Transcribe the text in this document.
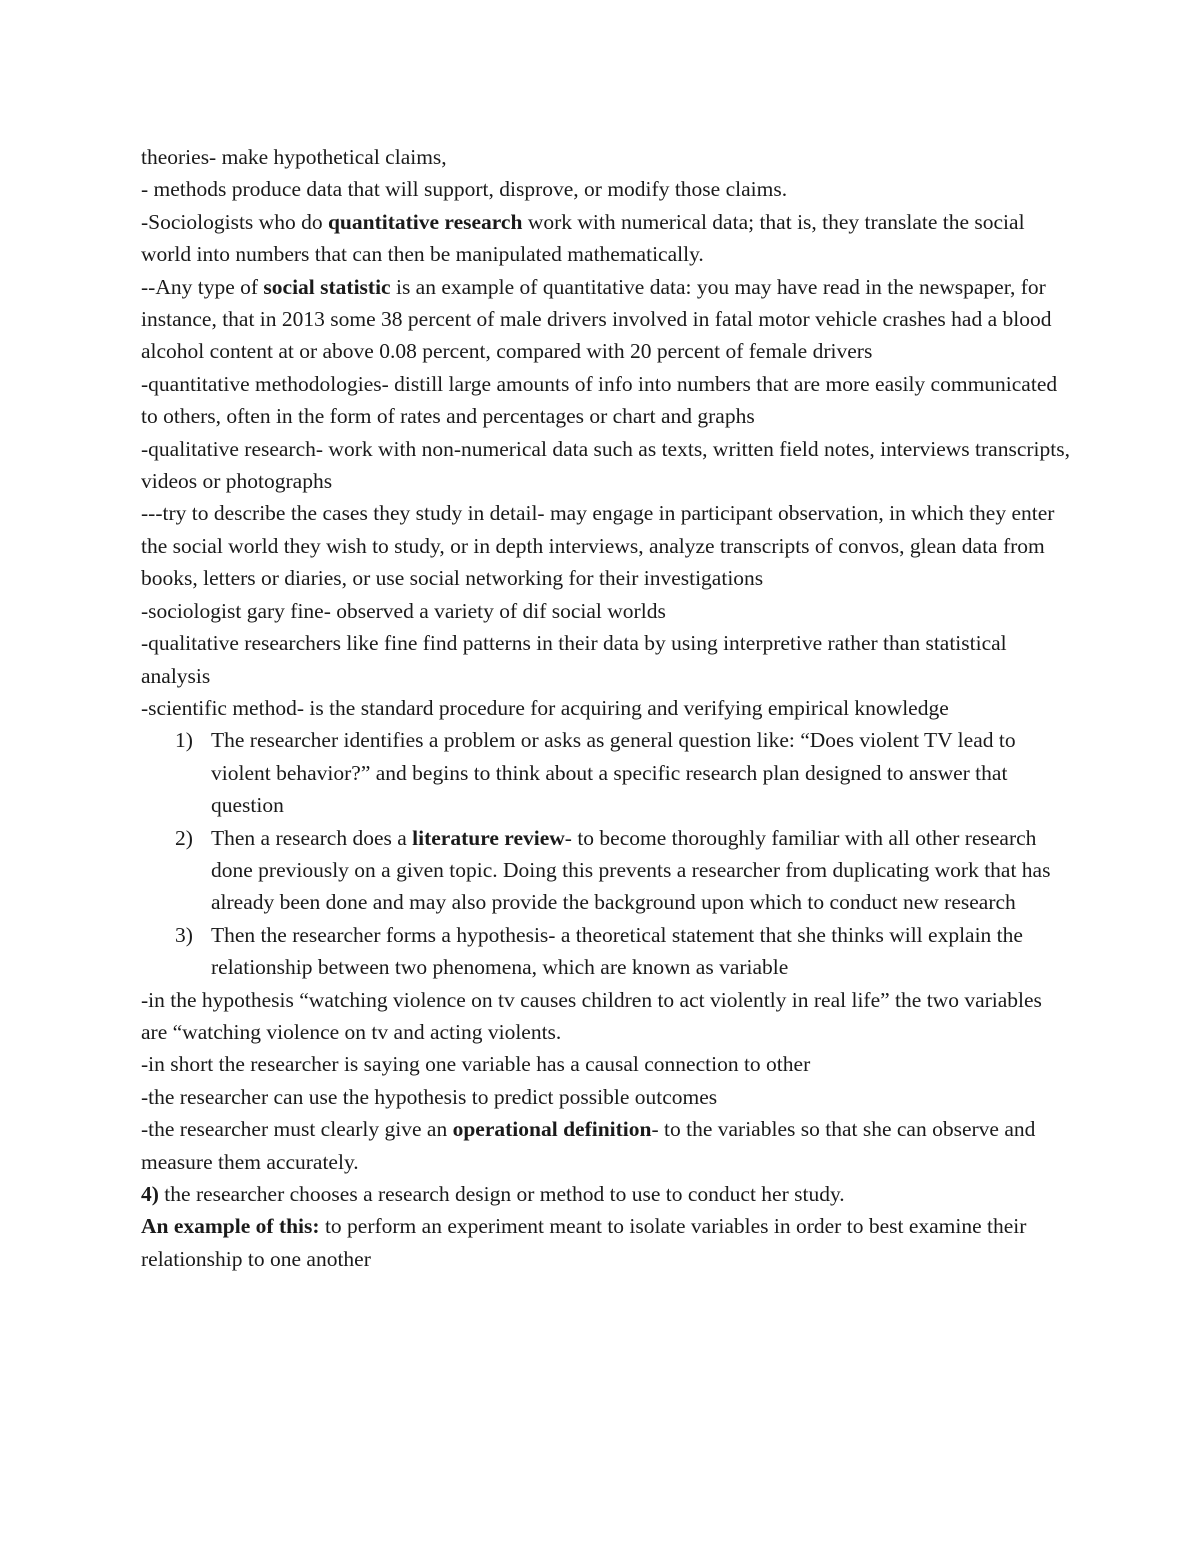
theories- make hypothetical claims,

- methods produce data that will support, disprove, or modify those claims.

-Sociologists who do quantitative research work with numerical data; that is, they translate the social world into numbers that can then be manipulated mathematically.

--Any type of social statistic is an example of quantitative data: you may have read in the newspaper, for instance, that in 2013 some 38 percent of male drivers involved in fatal motor vehicle crashes had a blood alcohol content at or above 0.08 percent, compared with 20 percent of female drivers

-quantitative methodologies- distill large amounts of info into numbers that are more easily communicated to others, often in the form of rates and percentages or chart and graphs

-qualitative research- work with non-numerical data such as texts, written field notes, interviews transcripts, videos or photographs

---try to describe the cases they study in detail- may engage in participant observation, in which they enter the social world they wish to study, or in depth interviews, analyze transcripts of convos, glean data from books, letters or diaries, or use social networking for their investigations

-sociologist gary fine- observed a variety of dif social worlds

-qualitative researchers like fine find patterns in their data by using interpretive rather than statistical analysis

-scientific method- is the standard procedure for acquiring and verifying empirical knowledge

1) The researcher identifies a problem or asks as general question like: “Does violent TV lead to violent behavior?” and begins to think about a specific research plan designed to answer that question
2) Then a research does a literature review- to become thoroughly familiar with all other research done previously on a given topic. Doing this prevents a researcher from duplicating work that has already been done and may also provide the background upon which to conduct new research
3) Then the researcher forms a hypothesis- a theoretical statement that she thinks will explain the relationship between two phenomena, which are known as variable

-in the hypothesis “watching violence on tv causes children to act violently in real life” the two variables are “watching violence on tv and acting violents.

-in short the researcher is saying one variable has a causal connection to other

-the researcher can use the hypothesis to predict possible outcomes

-the researcher must clearly give an operational definition- to the variables so that she can observe and measure them accurately.

4) the researcher chooses a research design or method to use to conduct her study.

An example of this: to perform an experiment meant to isolate variables in order to best examine their relationship to one another
